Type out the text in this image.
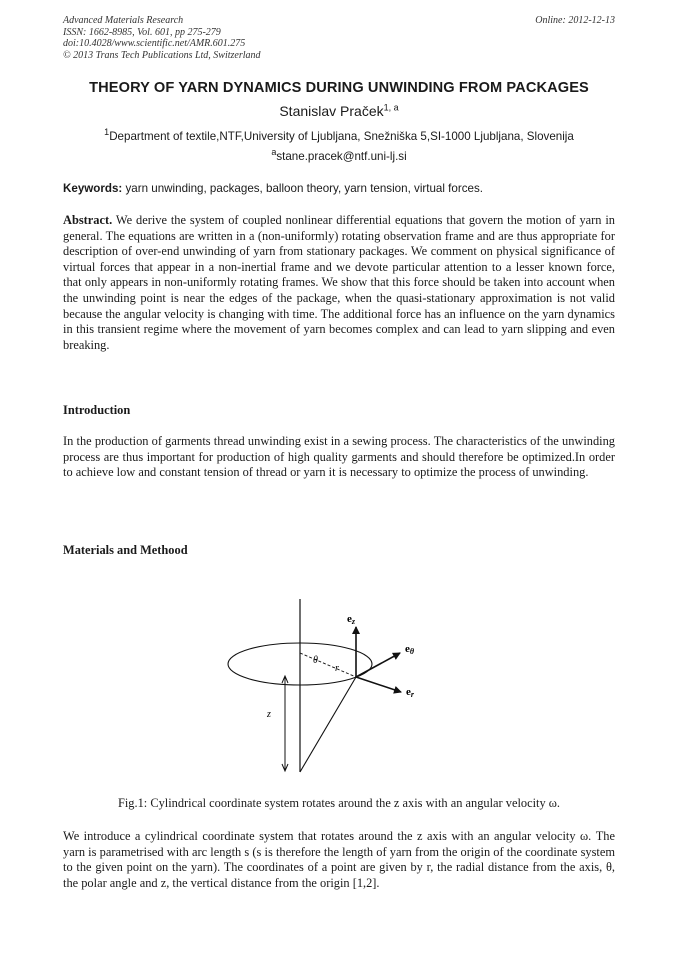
Advanced Materials Research
ISSN: 1662-8985, Vol. 601, pp 275-279
doi:10.4028/www.scientific.net/AMR.601.275
© 2013 Trans Tech Publications Ltd, Switzerland
Online: 2012-12-13
THEORY OF YARN DYNAMICS DURING UNWINDING FROM PACKAGES
Stanislav Praček$^{1, a}$
$^1$Department of textile,NTF,University of Ljubljana, Snežniška 5,SI-1000 Ljubljana, Slovenija
$^a$stane.pracek@ntf.uni-lj.si
Keywords: yarn unwinding, packages, balloon theory, yarn tension, virtual forces.
Abstract. We derive the system of coupled nonlinear differential equations that govern the motion of yarn in general. The equations are written in a (non-uniformly) rotating observation frame and are thus appropriate for description of over-end unwinding of yarn from stationary packages. We comment on physical significance of virtual forces that appear in a non-inertial frame and we devote particular attention to a lesser known force, that only appears in non-uniformly rotating frames. We show that this force should be taken into account when the unwinding point is near the edges of the package, when the quasi-stationary approximation is not valid because the angular velocity is changing with time. The additional force has an influence on the yarn dynamics in this transient regime where the movement of yarn becomes complex and can lead to yarn slipping and even breaking.
Introduction
In the production of garments thread unwinding exist in a sewing process. The characteristics of the unwinding process are thus important for production of high quality garments and should therefore be optimized.In order to achieve low and constant tension of thread or yarn it is necessary to optimize the process of unwinding.
Materials and Methood
ez
eθ
er
θ
r
z
Fig.1: Cylindrical coordinate system rotates around the z axis with an angular velocity ω.
We introduce a cylindrical coordinate system that rotates around the z axis with an angular velocity ω. The yarn is parametrised with arc length s (s is therefore the length of yarn from the origin of the coordinate system to the given point on the yarn). The coordinates of a point are given by r, the radial distance from the axis, θ, the polar angle and z, the vertical distance from the origin [1,2].
